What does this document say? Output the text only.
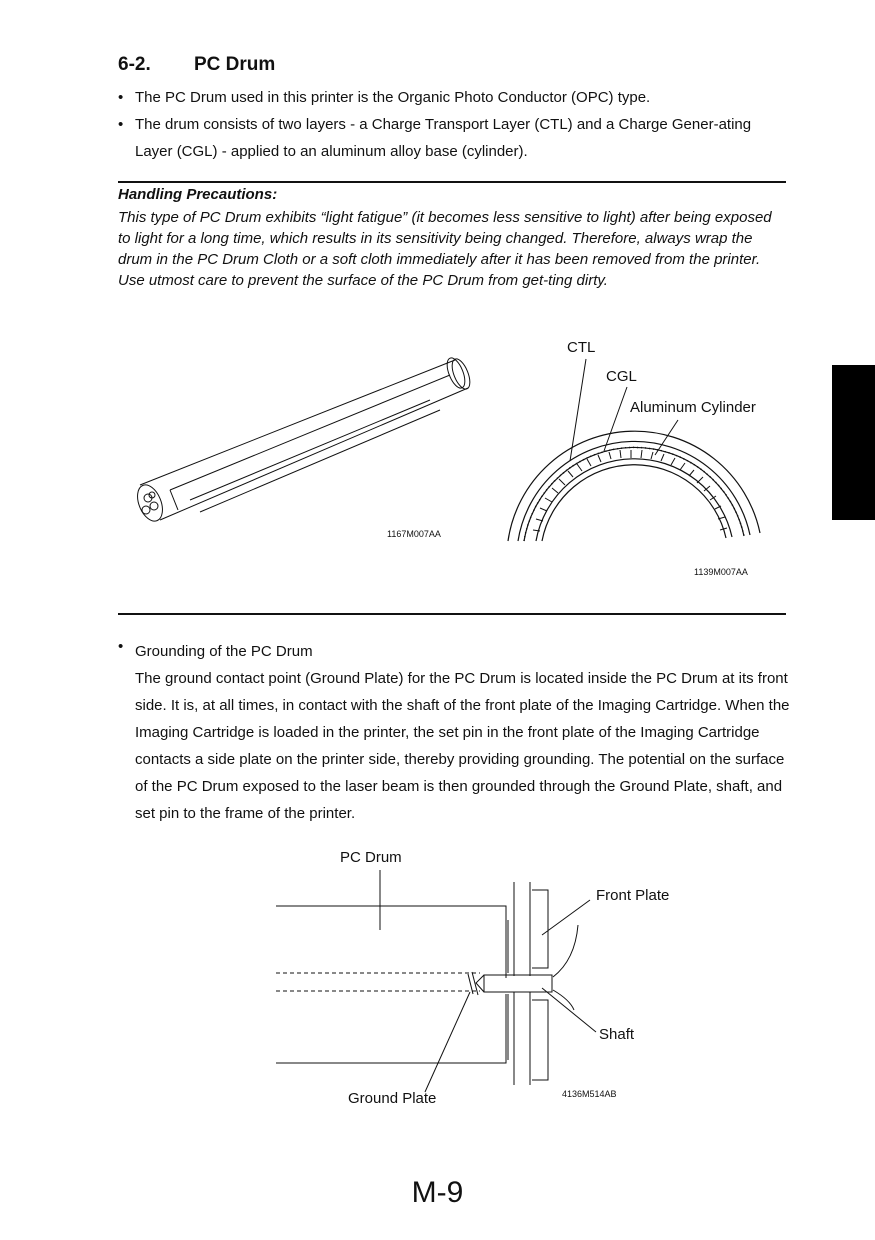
6-2. PC Drum
• The PC Drum used in this printer is the Organic Photo Conductor (OPC) type.
• The drum consists of two layers - a Charge Transport Layer (CTL) and a Charge Gener-ating Layer (CGL) - applied to an aluminum alloy base (cylinder).
Handling Precautions:
This type of PC Drum exhibits “light fatigue” (it becomes less sensitive to light) after being exposed to light for a long time, which results in its sensitivity being changed. Therefore, always wrap the drum in the PC Drum Cloth or a soft cloth immediately after it has been removed from the printer. Use utmost care to prevent the surface of the PC Drum from get-ting dirty.
1167M007AA
CTL
CGL
Aluminum Cylinder
1139M007AA
• Grounding of the PC Drum
The ground contact point (Ground Plate) for the PC Drum is located inside the PC Drum at its front side. It is, at all times, in contact with the shaft of the front plate of the Imaging Cartridge. When the Imaging Cartridge is loaded in the printer, the set pin in the front plate of the Imaging Cartridge contacts a side plate on the printer side, thereby providing grounding. The potential on the surface of the PC Drum exposed to the laser beam is then grounded through the Ground Plate, shaft, and set pin to the frame of the printer.
PC Drum
Front Plate
Shaft
Ground Plate	4136M514AB
M-9
